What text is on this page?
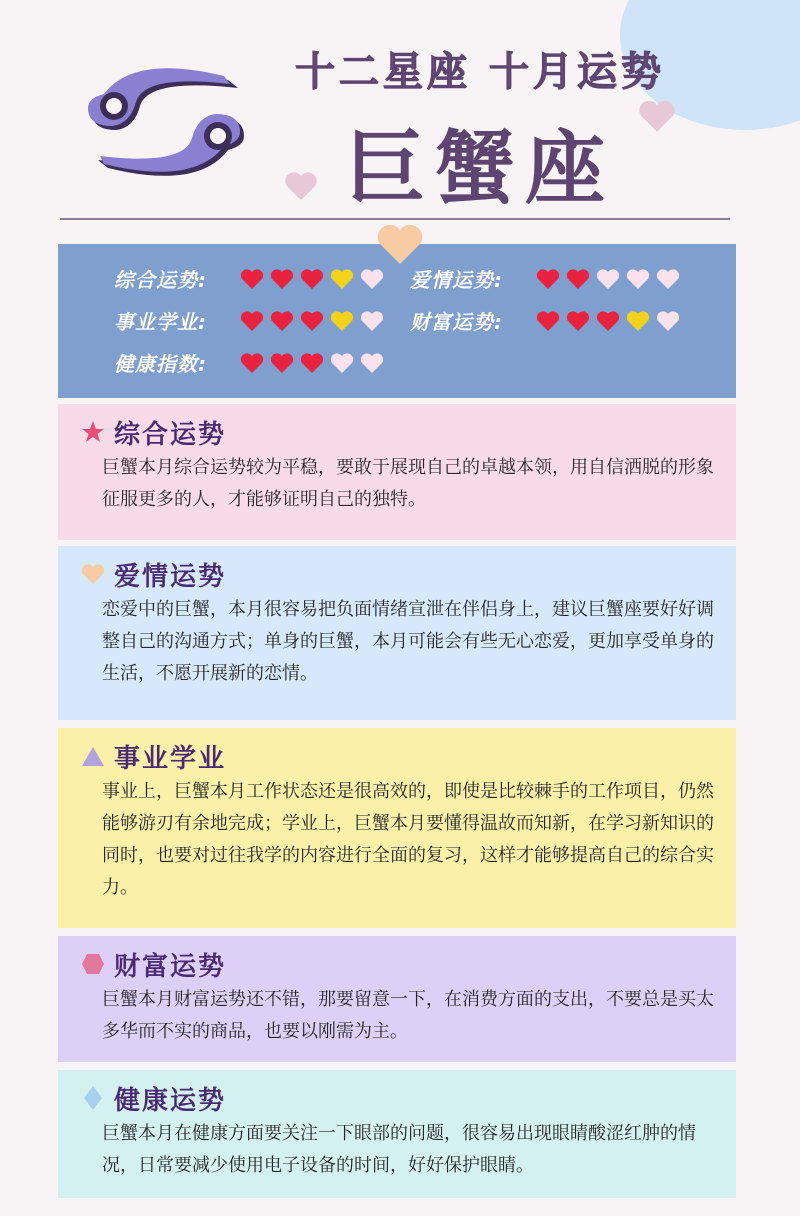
十二星座 十月运势
巨蟹座
综合运势:	爱情运势:
事业学业:	财富运势:
健康指数:
综合运势
巨蟹本月综合运势较为平稳，要敢于展现自己的卓越本领，用自信洒脱的形象征服更多的人，才能够证明自己的独特。
爱情运势
恋爱中的巨蟹，本月很容易把负面情绪宣泄在伴侣身上，建议巨蟹座要好好调整自己的沟通方式；单身的巨蟹，本月可能会有些无心恋爱，更加享受单身的生活，不愿开展新的恋情。
事业学业
事业上，巨蟹本月工作状态还是很高效的，即使是比较棘手的工作项目，仍然能够游刃有余地完成；学业上，巨蟹本月要懂得温故而知新，在学习新知识的同时，也要对过往我学的内容进行全面的复习，这样才能够提高自己的综合实力。
财富运势
巨蟹本月财富运势还不错，那要留意一下，在消费方面的支出，不要总是买太多华而不实的商品，也要以刚需为主。
健康运势
巨蟹本月在健康方面要关注一下眼部的问题，很容易出现眼睛酸涩红肿的情况，日常要减少使用电子设备的时间，好好保护眼睛。
